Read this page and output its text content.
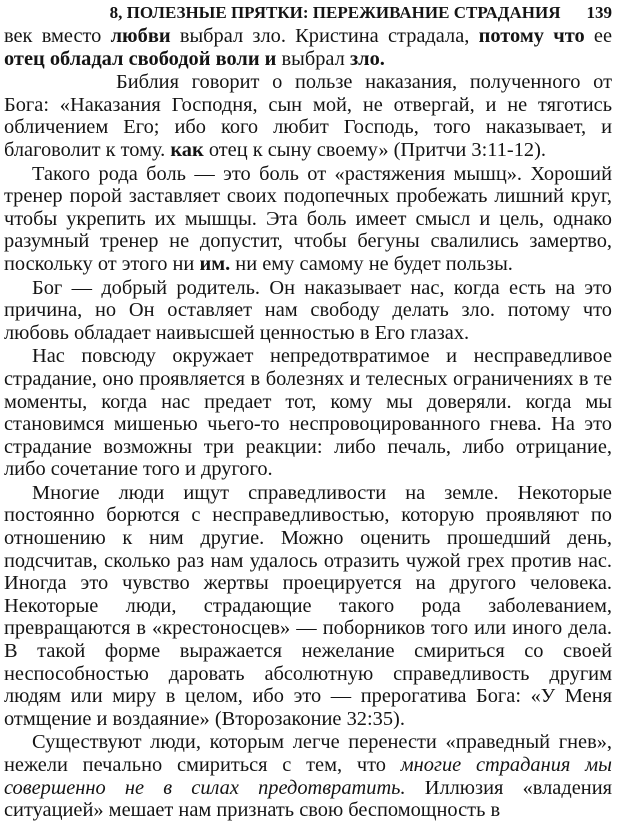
8, ПОЛЕЗНЫЕ ПРЯТКИ: ПЕРЕЖИВАНИЕ СТРАДАНИЯ 139

век вместо любви выбрал зло. Кристина страдала, потому что ее отец обладал свободой воли и выбрал зло.

Библия говорит о пользе наказания, полученного от Бога: «Наказания Господня, сын мой, не отвергай, и не тяготись обличением Его; ибо кого любит Господь, того наказывает, и благоволит к тому. как отец к сыну своему» (Притчи 3:11-12).

Такого рода боль — это боль от «растяжения мышц». Хороший тренер порой заставляет своих подопечных пробежать лишний круг, чтобы укрепить их мышцы. Эта боль имеет смысл и цель, однако разумный тренер не допустит, чтобы бегуны свалились замертво, поскольку от этого ни им. ни ему самому не будет пользы.

Бог — добрый родитель. Он наказывает нас, когда есть на это причина, но Он оставляет нам свободу делать зло. потому что любовь обладает наивысшей ценностью в Его глазах.

Нас повсюду окружает непредотвратимое и несправедливое страдание, оно проявляется в болезнях и телесных ограничениях в те моменты, когда нас предает тот, кому мы доверяли. когда мы становимся мишенью чьего-то неспровоцированного гнева. На это страдание возможны три реакции: либо печаль, либо отрицание, либо сочетание того и другого.

Многие люди ищут справедливости на земле. Некоторые постоянно борются с несправедливостью, которую проявляют по отношению к ним другие. Можно оценить прошедший день, подсчитав, сколько раз нам удалось отразить чужой грех против нас. Иногда это чувство жертвы проецируется на другого человека. Некоторые люди, страдающие такого рода заболеванием, превращаются в «крестоносцев» — поборников того или иного дела. В такой форме выражается нежелание смириться со своей неспособностью даровать абсолютную справедливость другим людям или миру в целом, ибо это — прерогатива Бога: «У Меня отмщение и воздаяние» (Второзаконие 32:35).

Существуют люди, которым легче перенести «праведный гнев», нежели печально смириться с тем, что многие страдания мы совершенно не в силах предотвратить. Иллюзия «владения ситуацией» мешает нам признать свою беспомощность в
